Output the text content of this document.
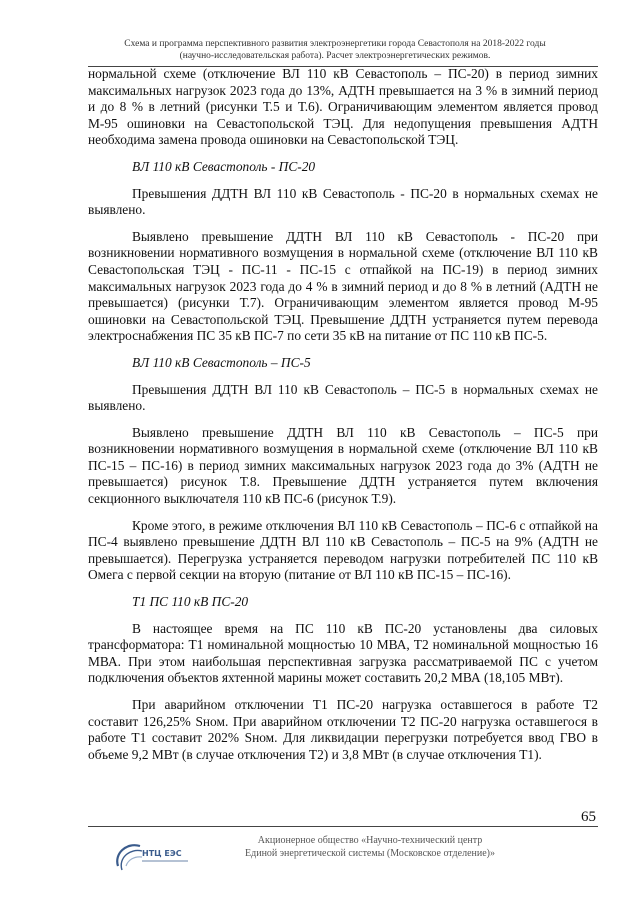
Схема и программа перспективного развития электроэнергетики города Севастополя на 2018-2022 годы
(научно-исследовательская работа). Расчет электроэнергетических режимов.

нормальной схеме (отключение ВЛ 110 кВ Севастополь – ПС-20) в период зимних максимальных нагрузок 2023 года до 13%, АДТН превышается на 3 % в зимний период и до 8 % в летний (рисунки Т.5 и Т.6). Ограничивающим элементом является провод М-95 ошиновки на Севастопольской ТЭЦ. Для недопущения превышения АДТН необходима замена провода ошиновки на Севастопольской ТЭЦ.

ВЛ 110 кВ Севастополь - ПС-20

Превышения ДДТН ВЛ 110 кВ Севастополь - ПС-20 в нормальных схемах не выявлено.

Выявлено превышение ДДТН ВЛ 110 кВ Севастополь - ПС-20 при возникновении нормативного возмущения в нормальной схеме (отключение ВЛ 110 кВ Севастопольская ТЭЦ - ПС-11 - ПС-15 с отпайкой на ПС-19) в период зимних максимальных нагрузок 2023 года до 4 % в зимний период и до 8 % в летний (АДТН не превышается) (рисунки Т.7). Ограничивающим элементом является провод М-95 ошиновки на Севастопольской ТЭЦ. Превышение ДДТН устраняется путем перевода электроснабжения ПС 35 кВ ПС-7 по сети 35 кВ на питание от ПС 110 кВ ПС-5.

ВЛ 110 кВ Севастополь – ПС-5

Превышения ДДТН ВЛ 110 кВ Севастополь – ПС-5 в нормальных схемах не выявлено.

Выявлено превышение ДДТН ВЛ 110 кВ Севастополь – ПС-5 при возникновении нормативного возмущения в нормальной схеме (отключение ВЛ 110 кВ ПС-15 – ПС-16) в период зимних максимальных нагрузок 2023 года до 3% (АДТН не превышается) рисунок Т.8. Превышение ДДТН устраняется путем включения секционного выключателя 110 кВ ПС-6 (рисунок Т.9).

Кроме этого, в режиме отключения ВЛ 110 кВ Севастополь – ПС-6 с отпайкой на ПС-4 выявлено превышение ДДТН ВЛ 110 кВ Севастополь – ПС-5 на 9% (АДТН не превышается). Перегрузка устраняется переводом нагрузки потребителей ПС 110 кВ Омега с первой секции на вторую (питание от ВЛ 110 кВ ПС-15 – ПС-16).

Т1 ПС 110 кВ ПС-20

В настоящее время на ПС 110 кВ ПС-20 установлены два силовых трансформатора: Т1 номинальной мощностью 10 МВА, Т2 номинальной мощностью 16 МВА. При этом наибольшая перспективная загрузка рассматриваемой ПС с учетом подключения объектов яхтенной марины может составить 20,2 МВА (18,105 МВт).

При аварийном отключении Т1 ПС-20 нагрузка оставшегося в работе Т2 составит 126,25% Sном. При аварийном отключении Т2 ПС-20 нагрузка оставшегося в работе Т1 составит 202% Sном. Для ликвидации перегрузки потребуется ввод ГВО в объеме 9,2 МВт (в случае отключения Т2) и 3,8 МВт (в случае отключения Т1).

65
НТЦ ЕЭС
Акционерное общество «Научно-технический центр
Единой энергетической системы (Московское отделение)»
